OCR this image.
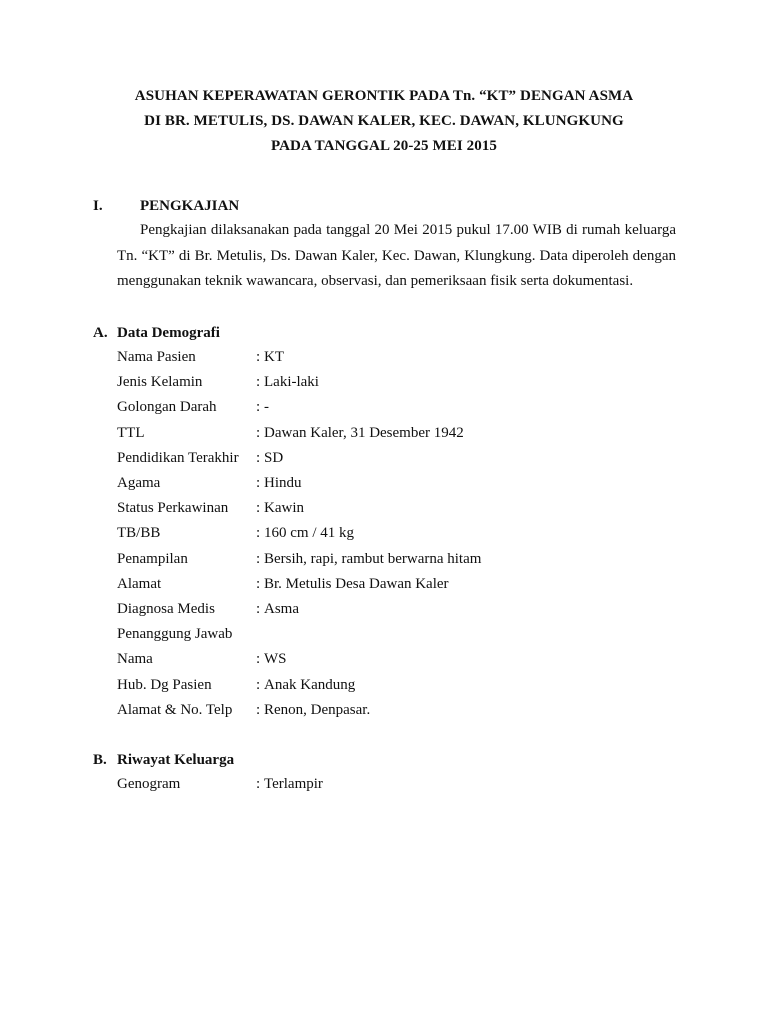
ASUHAN KEPERAWATAN GERONTIK PADA Tn. “KT” DENGAN ASMA
DI BR. METULIS, DS. DAWAN KALER, KEC. DAWAN, KLUNGKUNG
PADA TANGGAL 20-25 MEI 2015
I. PENGKAJIAN
Pengkajian dilaksanakan pada tanggal 20 Mei 2015 pukul 17.00 WIB di rumah keluarga Tn. “KT” di Br. Metulis, Ds. Dawan Kaler, Kec. Dawan, Klungkung. Data diperoleh dengan menggunakan teknik wawancara, observasi, dan pemeriksaan fisik serta dokumentasi.
A. Data Demografi
Nama Pasien	: KT
Jenis Kelamin	: Laki-laki
Golongan Darah	: -
TTL	: Dawan Kaler, 31 Desember 1942
Pendidikan Terakhir : SD
Agama	: Hindu
Status Perkawinan : Kawin
TB/BB	: 160 cm / 41 kg
Penampilan	: Bersih, rapi, rambut berwarna hitam
Alamat	: Br. Metulis Desa Dawan Kaler
Diagnosa Medis	: Asma
Penanggung Jawab
Nama	: WS
Hub. Dg Pasien	: Anak Kandung
Alamat & No. Telp : Renon, Denpasar.
B. Riwayat Keluarga
Genogram	: Terlampir
